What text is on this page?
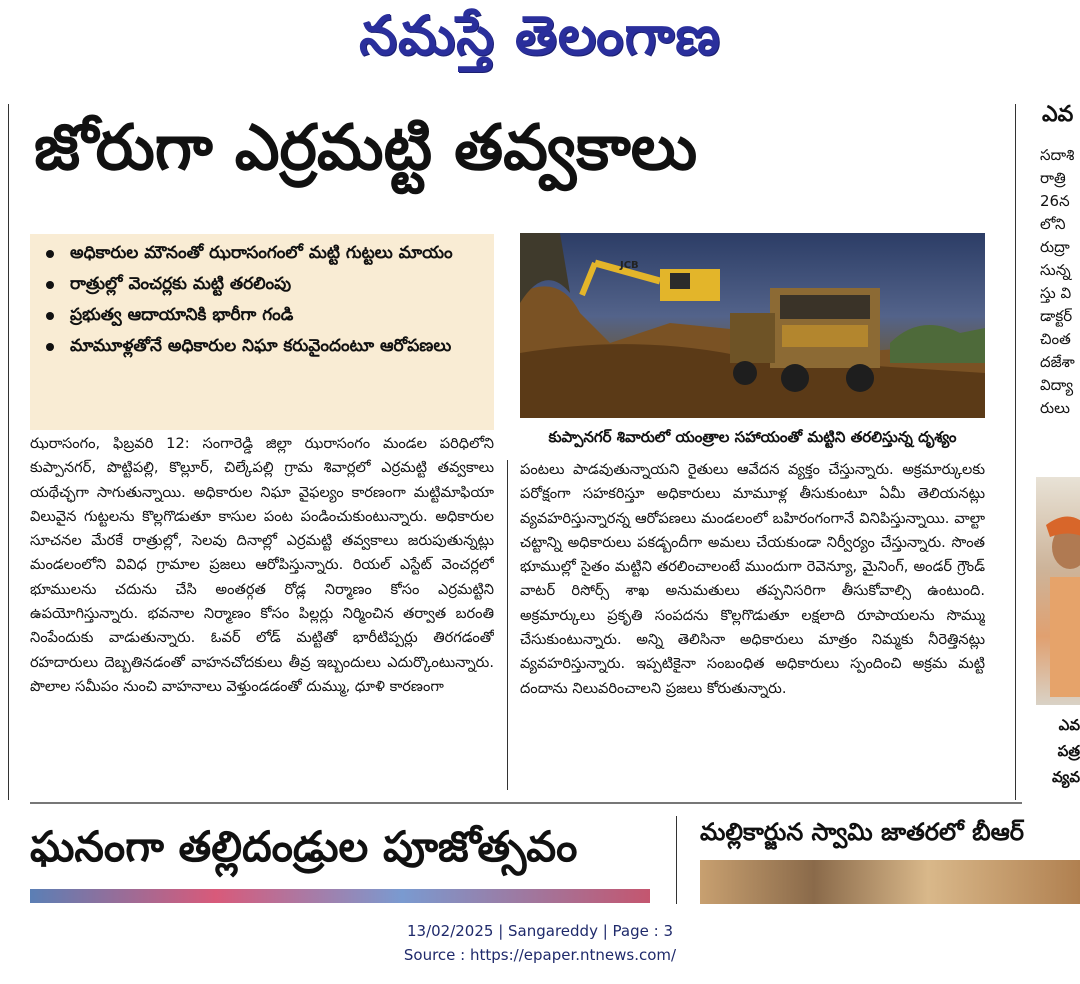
నమస్తే తెలంగాణ
జోరుగా ఎర్రమట్టి తవ్వకాలు	ఎవ
సదాశి
రాత్రి
26న
లోని
రుద్రా
సున్న
స్తు వి
డాక్టర్
చింత
దజేశా
విద్యా
రులు
ఎవ
పత్ర
వ్యవ
అధికారుల మౌనంతో ఝరాసంగంలో మట్టి గుట్టలు మాయం
రాత్రుల్లో వెంచర్లకు మట్టి తరలింపు
ప్రభుత్వ ఆదాయానికి భారీగా గండి
మామూళ్లతోనే అధికారుల నిఘా కరువైందంటూ ఆరోపణలు
JCB
కుప్పానగర్ శివారులో యంత్రాల సహాయంతో మట్టిని తరలిస్తున్న దృశ్యం
ఝరాసంగం, ఫిబ్రవరి 12: సంగారెడ్డి జిల్లా ఝరాసంగం మండల పరిధిలోని కుప్పానగర్, పొట్టిపల్లి, కొల్లూర్, చిల్కేపల్లి గ్రామ శివార్లలో ఎర్రమట్టి తవ్వకాలు యథేచ్ఛగా సాగుతున్నాయి. అధికారుల నిఘా వైఫల్యం కారణంగా మట్టిమాఫియా విలువైన గుట్టలను కొల్లగొడుతూ కాసుల పంట పండించుకుంటున్నారు. అధికారుల సూచనల మేరకే రాత్రుల్లో, సెలవు దినాల్లో ఎర్రమట్టి తవ్వకాలు జరుపుతున్నట్లు మండలంలోని వివిధ గ్రామాల ప్రజలు ఆరోపిస్తున్నారు. రియల్ ఎస్టేట్ వెంచర్లలో భూములను చదును చేసి అంతర్గత రోడ్ల నిర్మాణం కోసం ఎర్రమట్టిని ఉపయోగిస్తున్నారు. భవనాల నిర్మాణం కోసం పిల్లర్లు నిర్మించిన తర్వాత బరంతి నింపేందుకు వాడుతున్నారు. ఓవర్ లోడ్ మట్టితో భారీటిప్పర్లు తిరగడంతో రహదారులు దెబ్బతినడంతో వాహనచోదకులు తీవ్ర ఇబ్బందులు ఎదుర్కొంటున్నారు. పొలాల సమీపం నుంచి వాహనాలు వెళ్తుండడంతో దుమ్ము, ధూళి కారణంగా
పంటలు పాడవుతున్నాయని రైతులు ఆవేదన వ్యక్తం చేస్తున్నారు. అక్రమార్కులకు పరోక్షంగా సహకరిస్తూ అధికారులు మామూళ్ల తీసుకుంటూ ఏమీ తెలియనట్లు వ్యవహరిస్తున్నారన్న ఆరోపణలు మండలంలో బహిరంగంగానే వినిపిస్తున్నాయి. వాల్టా చట్టాన్ని అధికారులు పకడ్బందీగా అమలు చేయకుండా నిర్వీర్యం చేస్తున్నారు. సొంత భూముల్లో సైతం మట్టిని తరలించాలంటే ముందుగా రెవెన్యూ, మైనింగ్, అండర్ గ్రౌండ్ వాటర్ రిసోర్స్ శాఖ అనుమతులు తప్పనిసరిగా తీసుకోవాల్సి ఉంటుంది. అక్రమార్కులు ప్రకృతి సంపదను కొల్లగొడుతూ లక్షలాది రూపాయలను సొమ్ము చేసుకుంటున్నారు. అన్ని తెలిసినా అధికారులు మాత్రం నిమ్మకు నీరెత్తినట్లు వ్యవహరిస్తున్నారు. ఇప్పటికైనా సంబంధిత అధికారులు స్పందించి అక్రమ మట్టి దందాను నిలువరించాలని ప్రజలు కోరుతున్నారు.
ఘనంగా తల్లిదండ్రుల పూజోత్సవం	మల్లికార్జున స్వామి జాతరలో బీఆర్
13/02/2025 | Sangareddy | Page : 3
Source : https://epaper.ntnews.com/
